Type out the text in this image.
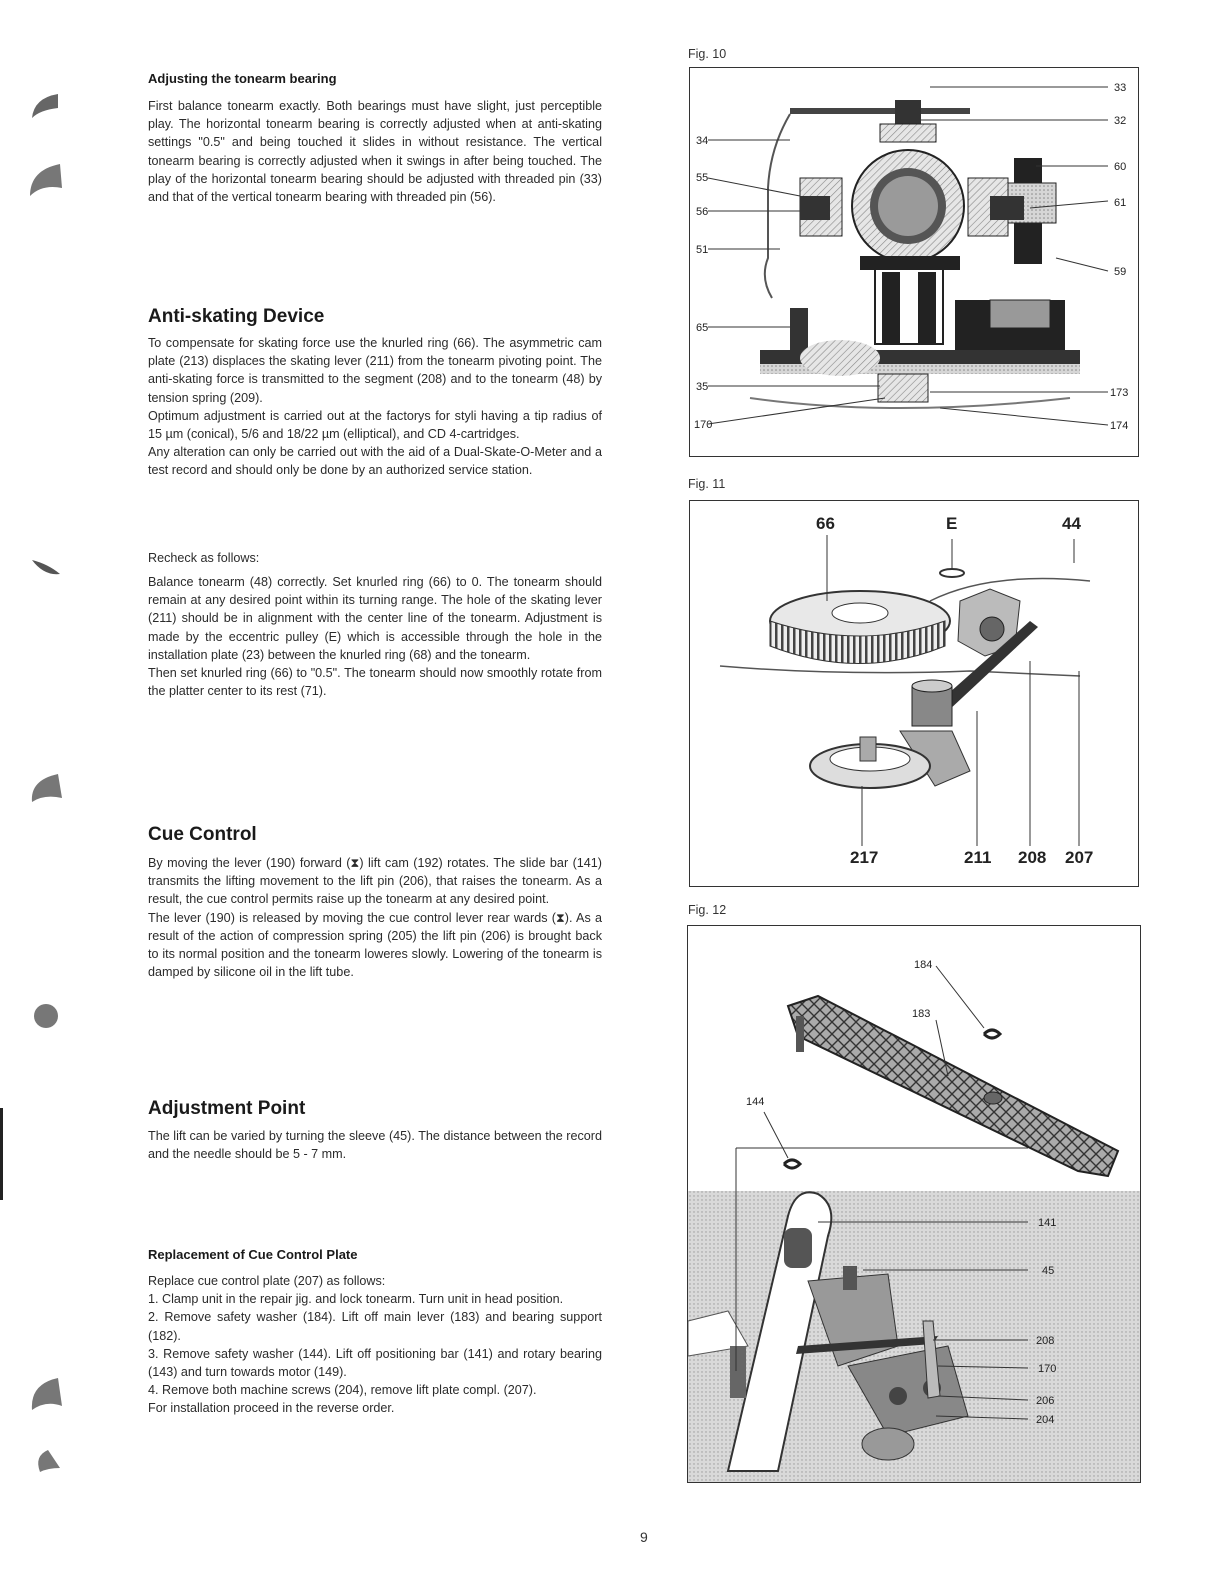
Adjusting the tonearm bearing

First balance tonearm exactly. Both bearings must have slight, just perceptible play. The horizontal tonearm bearing is correctly adjusted when at anti-skating settings "0.5" and being touched it slides in without resistance. The vertical tonearm bearing is correctly adjusted when it swings in after being touched. The play of the horizontal tonearm bearing should be adjusted with threaded pin (33) and that of the vertical tonearm bearing with threaded pin (56).

Anti-skating Device

To compensate for skating force use the knurled ring (66). The asymmetric cam plate (213) displaces the skating lever (211) from the tonearm pivoting point. The anti-skating force is transmitted to the segment (208) and to the tonearm (48) by tension spring (209).

Optimum adjustment is carried out at the factorys for styli having a tip radius of 15 µm (conical), 5/6 and 18/22 µm (elliptical), and CD 4-cartridges.

Any alteration can only be carried out with the aid of a Dual-Skate-O-Meter and a test record and should only be done by an authorized service station.

Recheck as follows:

Balance tonearm (48) correctly. Set knurled ring (66) to 0. The tonearm should remain at any desired point within its turning range. The hole of the skating lever (211) should be in alignment with the center line of the tonearm. Adjustment is made by the eccentric pulley (E) which is accessible through the hole in the installation plate (23) between the knurled ring (68) and the tonearm.

Then set knurled ring (66) to "0.5". The tonearm should now smoothly rotate from the platter center to its rest (71).

Cue Control

By moving the lever (190) forward (⧗) lift cam (192) rotates. The slide bar (141) transmits the lifting movement to the lift pin (206), that raises the tonearm. As a result, the cue control permits raise up the tonearm at any desired point.

The lever (190) is released by moving the cue control lever rear wards (⧗). As a result of the action of compression spring (205) the lift pin (206) is brought back to its normal position and the tonearm loweres slowly. Lowering of the tonearm is damped by silicone oil in the lift tube.

Adjustment Point

The lift can be varied by turning the sleeve (45). The distance between the record and the needle should be 5 - 7 mm.

Replacement of Cue Control Plate

Replace cue control plate (207) as follows:

1. Clamp unit in the repair jig. and lock tonearm. Turn unit in head position.

2. Remove safety washer (184). Lift off main lever (183) and bearing support (182).

3. Remove safety washer (144). Lift off positioning bar (141) and rotary bearing (143) and turn towards motor (149).

4. Remove both machine screws (204), remove lift plate compl. (207).

For installation proceed in the reverse order.

Fig. 10
34
55
56
51
65
35
170
33
32
60
61
59
173
174
Fig. 11
66	E	44
217	211 208 207
Fig. 12
184
183
144
141
45
208
170
206
204
9
